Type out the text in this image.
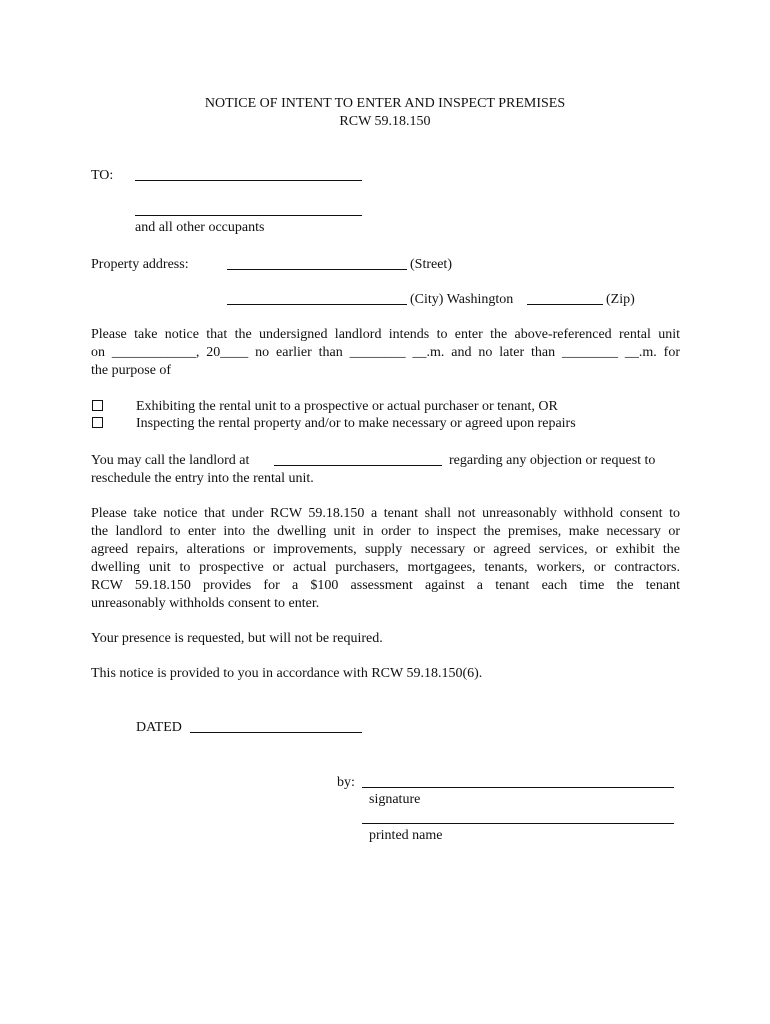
NOTICE OF INTENT TO ENTER AND INSPECT PREMISES
RCW 59.18.150
TO:
and all other occupants
Property address:	(Street)
(City) Washington	(Zip)
Please take notice that the undersigned landlord intends to enter the above-referenced rental unit
on ____________, 20____ no earlier than ________ __.m. and no later than ________ __.m. for
the purpose of
Exhibiting the rental unit to a prospective or actual purchaser or tenant, OR
Inspecting the rental property and/or to make necessary or agreed upon repairs
You may call the landlord at	regarding any objection or request to
reschedule the entry into the rental unit.
Please take notice that under RCW 59.18.150 a tenant shall not unreasonably withhold consent to
the landlord to enter into the dwelling unit in order to inspect the premises, make necessary or
agreed repairs, alterations or improvements, supply necessary or agreed services, or exhibit the
dwelling unit to prospective or actual purchasers, mortgagees, tenants, workers, or contractors.
RCW 59.18.150 provides for a $100 assessment against a tenant each time the tenant
unreasonably withholds consent to enter.
Your presence is requested, but will not be required.
This notice is provided to you in accordance with RCW 59.18.150(6).
DATED
by:
signature
printed name
